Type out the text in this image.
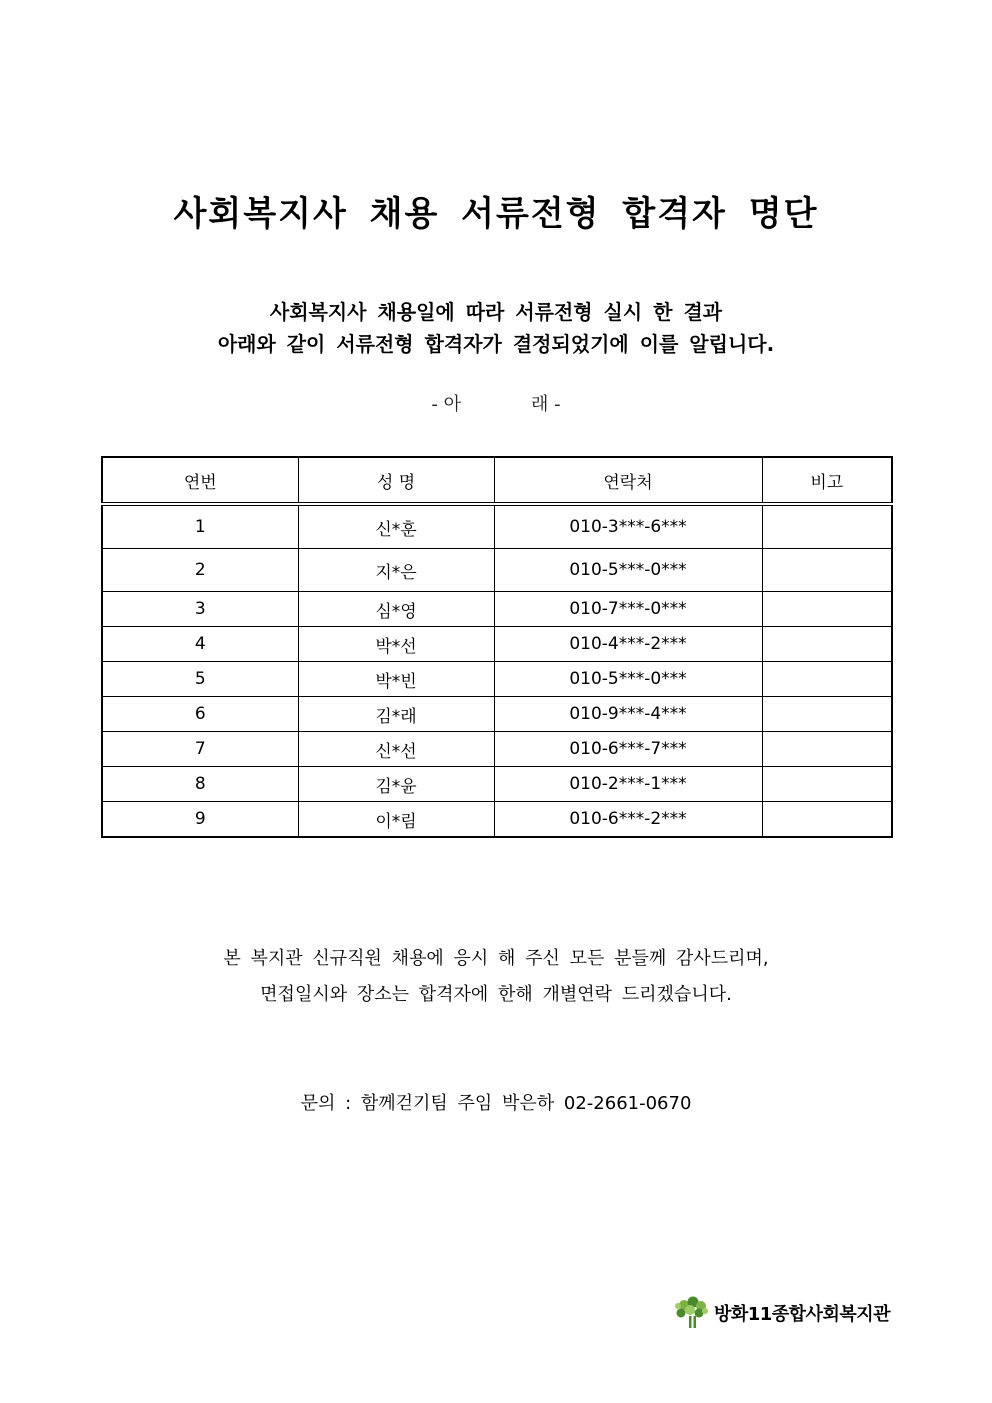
사회복지사 채용 서류전형 합격자 명단
사회복지사 채용일에 따라 서류전형 실시 한 결과
아래와 같이 서류전형 합격자가 결정되었기에 이를 알립니다.
- 아	래 -
연번	성 명	연락처	비고
1	신*훈	010-3***-6***	
2	지*은	010-5***-0***	
3	심*영	010-7***-0***	
4	박*선	010-4***-2***	
5	박*빈	010-5***-0***	
6	김*래	010-9***-4***	
7	신*선	010-6***-7***	
8	김*윤	010-2***-1***	
9	이*림	010-6***-2***	
본 복지관 신규직원 채용에 응시 해 주신 모든 분들께 감사드리며,
면접일시와 장소는 합격자에 한해 개별연락 드리겠습니다.
문의 : 함께걷기팀 주임 박은하 02-2661-0670
방화11종합사회복지관
